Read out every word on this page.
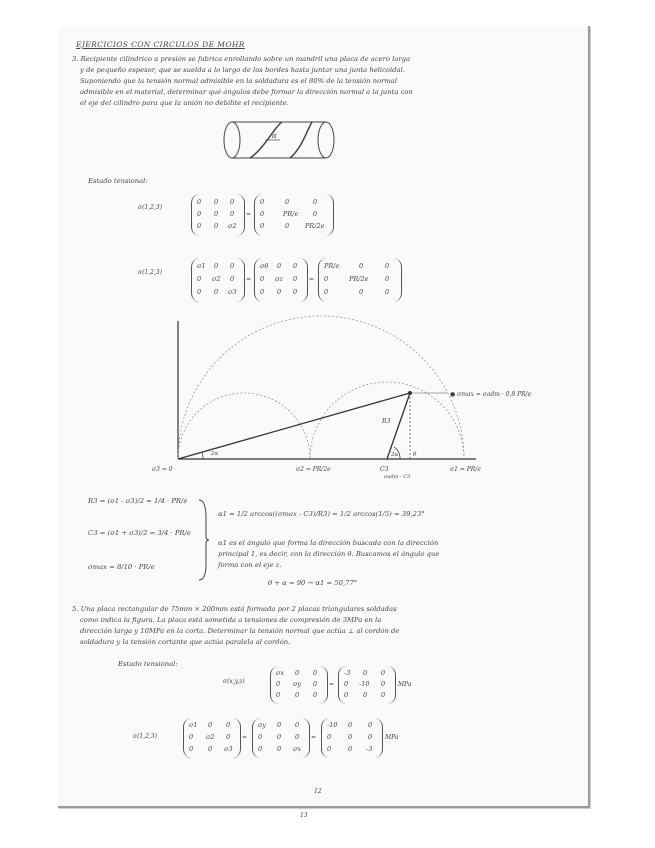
EJERCICIOS CON CIRCULOS DE MOHR
3. Recipiente cilíndrico a presión se fabrica enrollando sobre un mandril una placa de acero larga
y de pequeño espesor, que se suelda a lo largo de los bordes hasta juntar una junta helicoidal.
Suponiendo que la tensión normal admisible en la soldadura es el 80% de la tensión normal
admisible en el material, determinar qué ángulos debe formar la dirección normal a la junta con
el eje del cilindro para que la unión no debilite el recipiente.
α
Estado tensional:
σ(1,2,3)
0 0 0
0 0 0
0 0 σ2
=
0	0	0
0	PR/e 0
0	0 PR/2e
σ(1,2,3)
σ1 0 0
0 σ2 0
0 0 σ3
=
σθ 0 0
0 σz 0
0 0 0
=
PR/e	0	0
0	PR/2e	0
0	0	0
● σmax = σadm · 0,8 PR/e
R3
2α	2α	θ
σ3 = 0	σ2 = PR/2e	C3	σ1 = PR/e
σadm - C3
R3 = (σ1 - σ3)/2 = 1/4 · PR/e
C3 = (σ1 + σ3)/2 = 3/4 · PR/e
σmax = 8/10 · PR/e
α1 = 1/2 arccos((σmax - C3)/R3) = 1/2 arccos(1/5) = 39,23°
α1 es el ángulo que forma la dirección buscada con la dirección
principal 1, es decir, con la dirección θ. Buscamos el ángulo que
forma con el eje z.
θ + α = 90 → α1 = 50,77°
5. Una placa rectangular de 75mm × 200mm está formada por 2 placas triangulares soldadas
como indica la figura. La placa está sometida a tensiones de compresión de 3MPa en la
dirección larga y 10MPa en la corta. Determinar la tensión normal que actúa ⊥ al cordón de
soldadura y la tensión cortante que actúa paralela al cordón.
Estado tensional:
σ(x,y,z)
σx 0 0
0 σy 0
0 0 0
=
-3 0 0
0 -10 0
0 0 0
MPa
σ(1,2,3)
σ1 0 0
0 σ2 0
0 0 σ3
=
σy 0 0
0 0 0
0 0 σx
=
-10 0 0
0	0 0
0	0 -3
MPa
12
13
